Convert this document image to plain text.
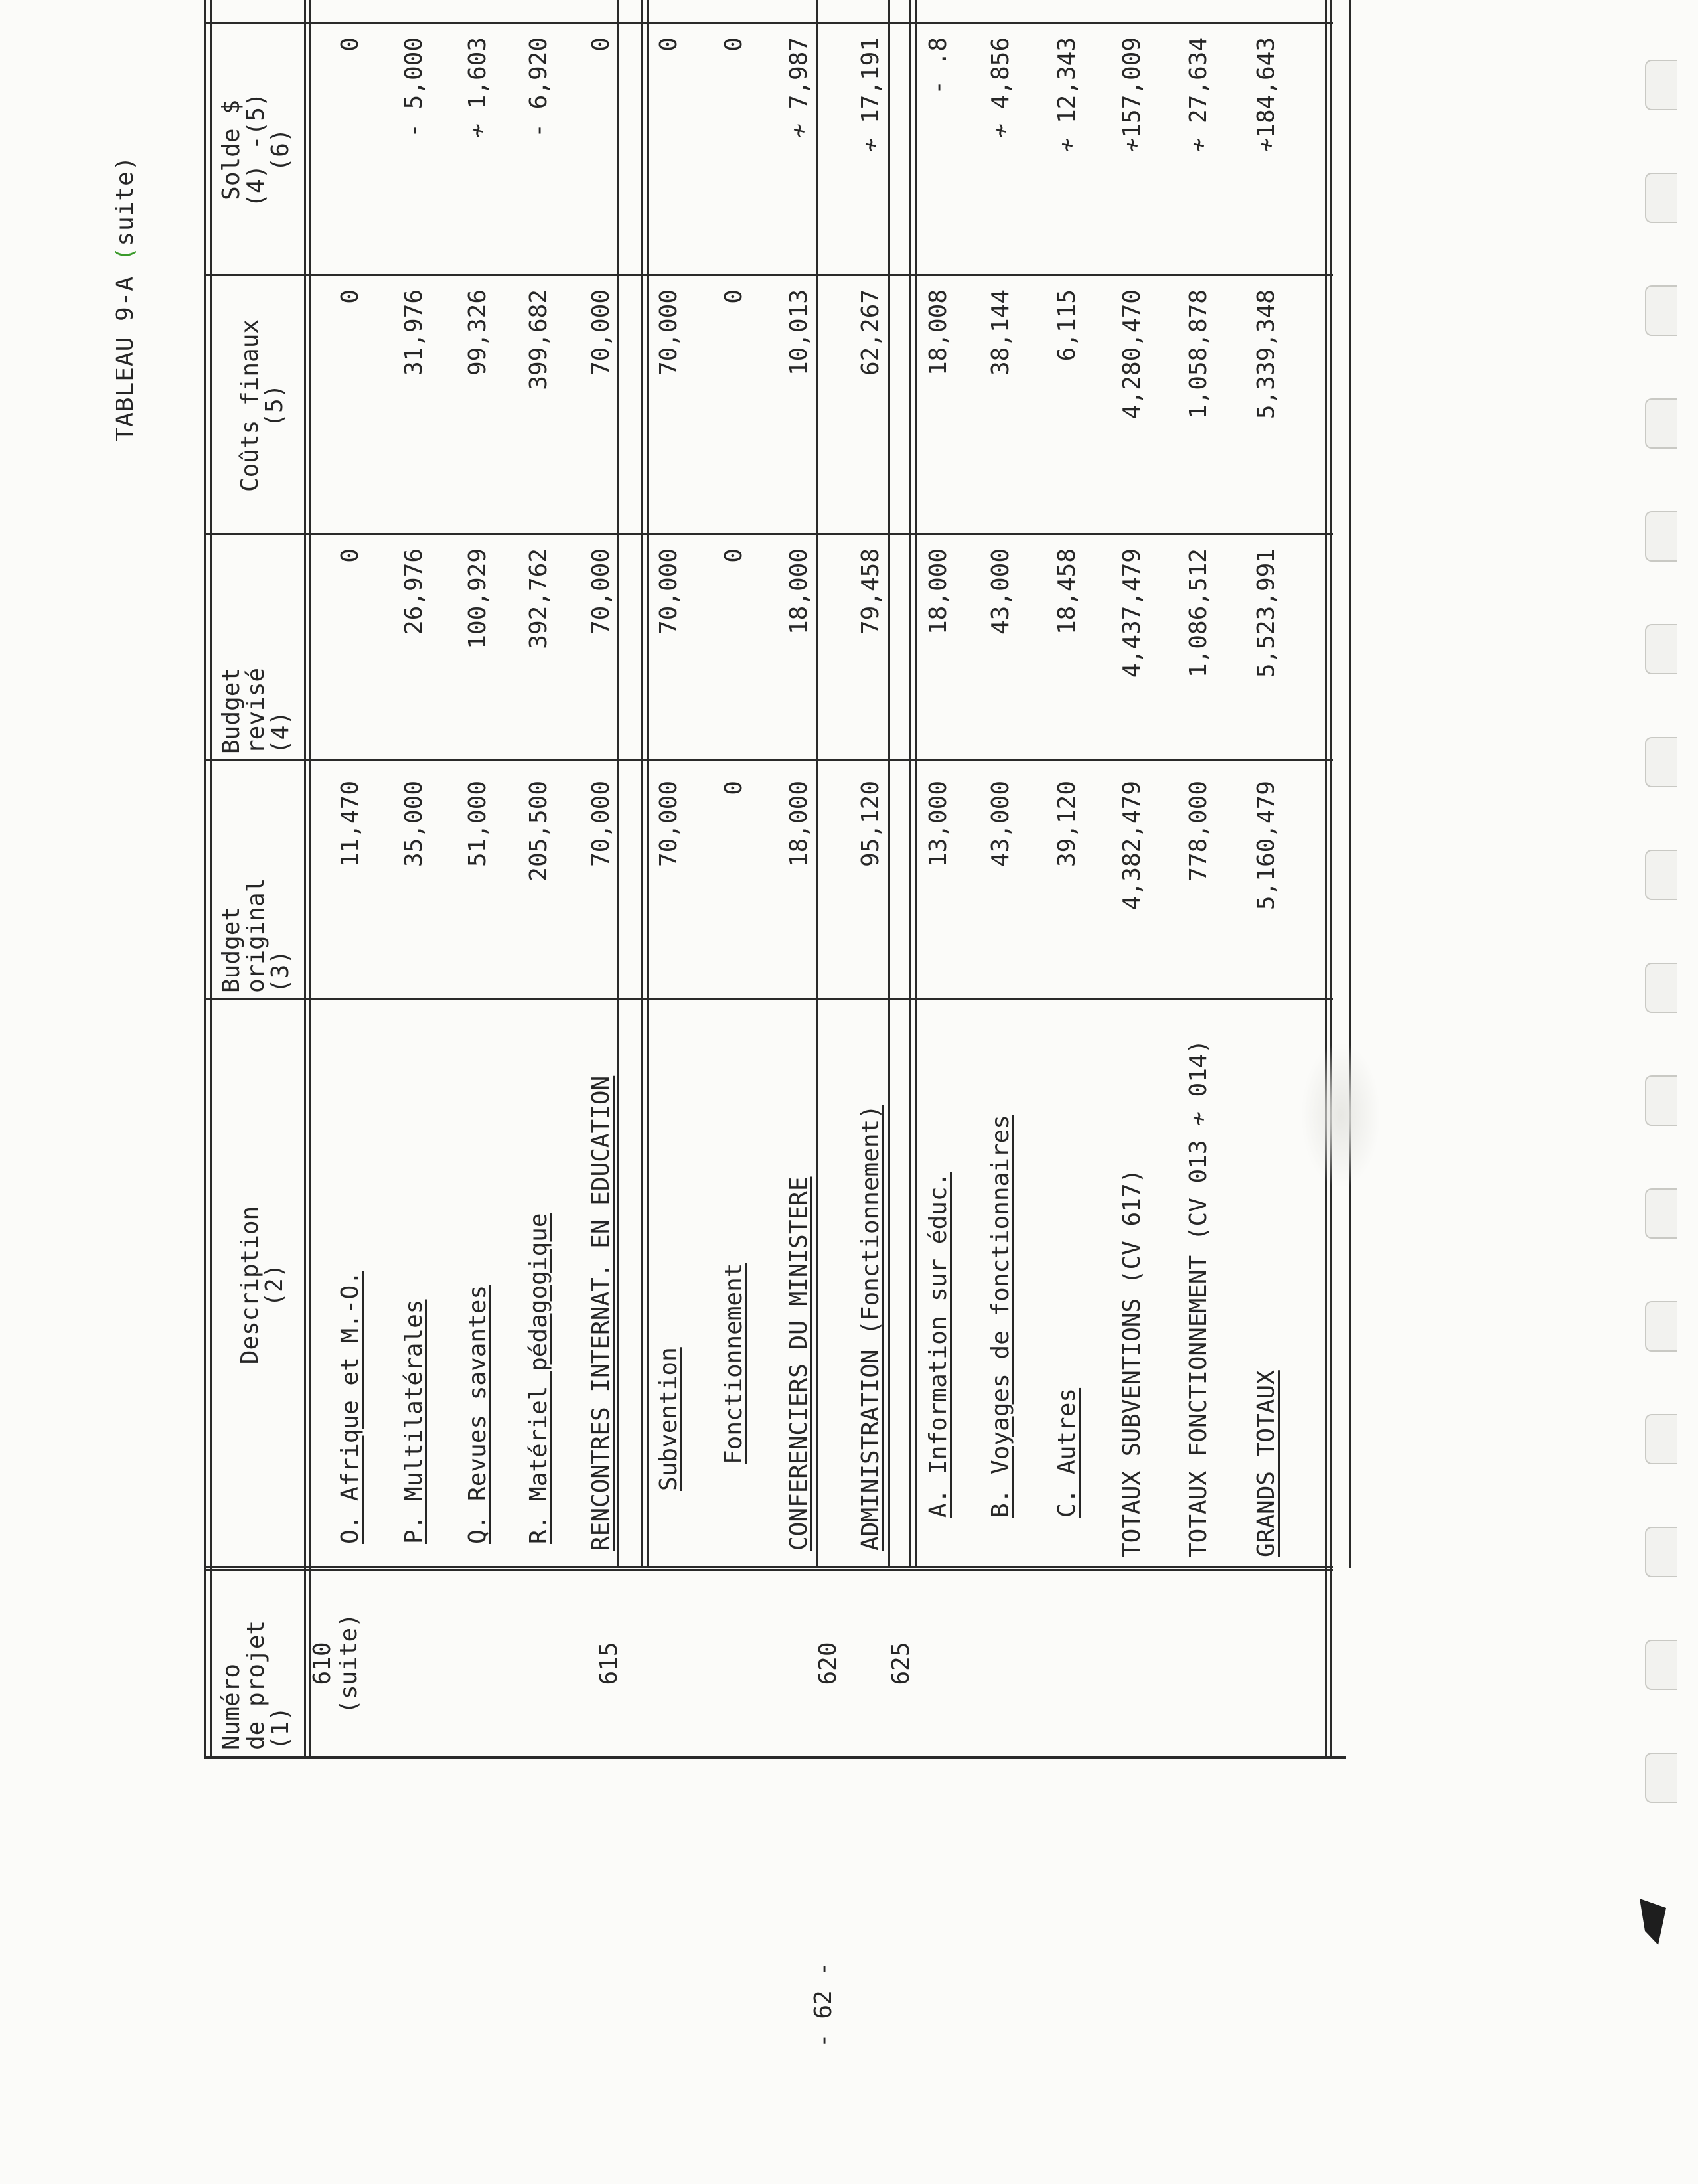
TABLEAU 9-A (suite)
- 62 -
Numéro
de projet
(1)
Description
(2)
Budget
original
(3)
Budget
revisé
(4)
Coûts finaux
(5)
Solde $
(4) -(5)
(6)
610
(suite)	615	620 625
O. Afrique et M.-O.
11,470
0
0
0
P. Multilatérales
35,000
26,976
31,976
- 5,000
Q. Revues savantes
51,000
100,929
99,326
≁ 1,603
R. Matériel pédagogique
205,500
392,762
399,682
- 6,920
RENCONTRES INTERNAT. EN EDUCATION
70,000
70,000
70,000
0
Subvention
70,000
70,000
70,000
0
Fonctionnement
0
0
0
0
CONFERENCIERS DU MINISTERE
18,000
18,000
10,013
≁ 7,987
ADMINISTRATION (Fonctionnement)
95,120
79,458
62,267
≁ 17,191
A. Information sur éduc.
13,000
18,000
18,008
- .8
B. Voyages de fonctionnaires
43,000
43,000
38,144
≁ 4,856
C. Autres
39,120
18,458
6,115
≁ 12,343
TOTAUX SUBVENTIONS (CV 617)
4,382,479
4,437,479
4,280,470
≁157,009
TOTAUX FONCTIONNEMENT (CV 013 ≁ 014)
778,000
1,086,512
1,058,878
≁ 27,634
GRANDS TOTAUX
5,160,479
5,523,991
5,339,348
≁184,643
